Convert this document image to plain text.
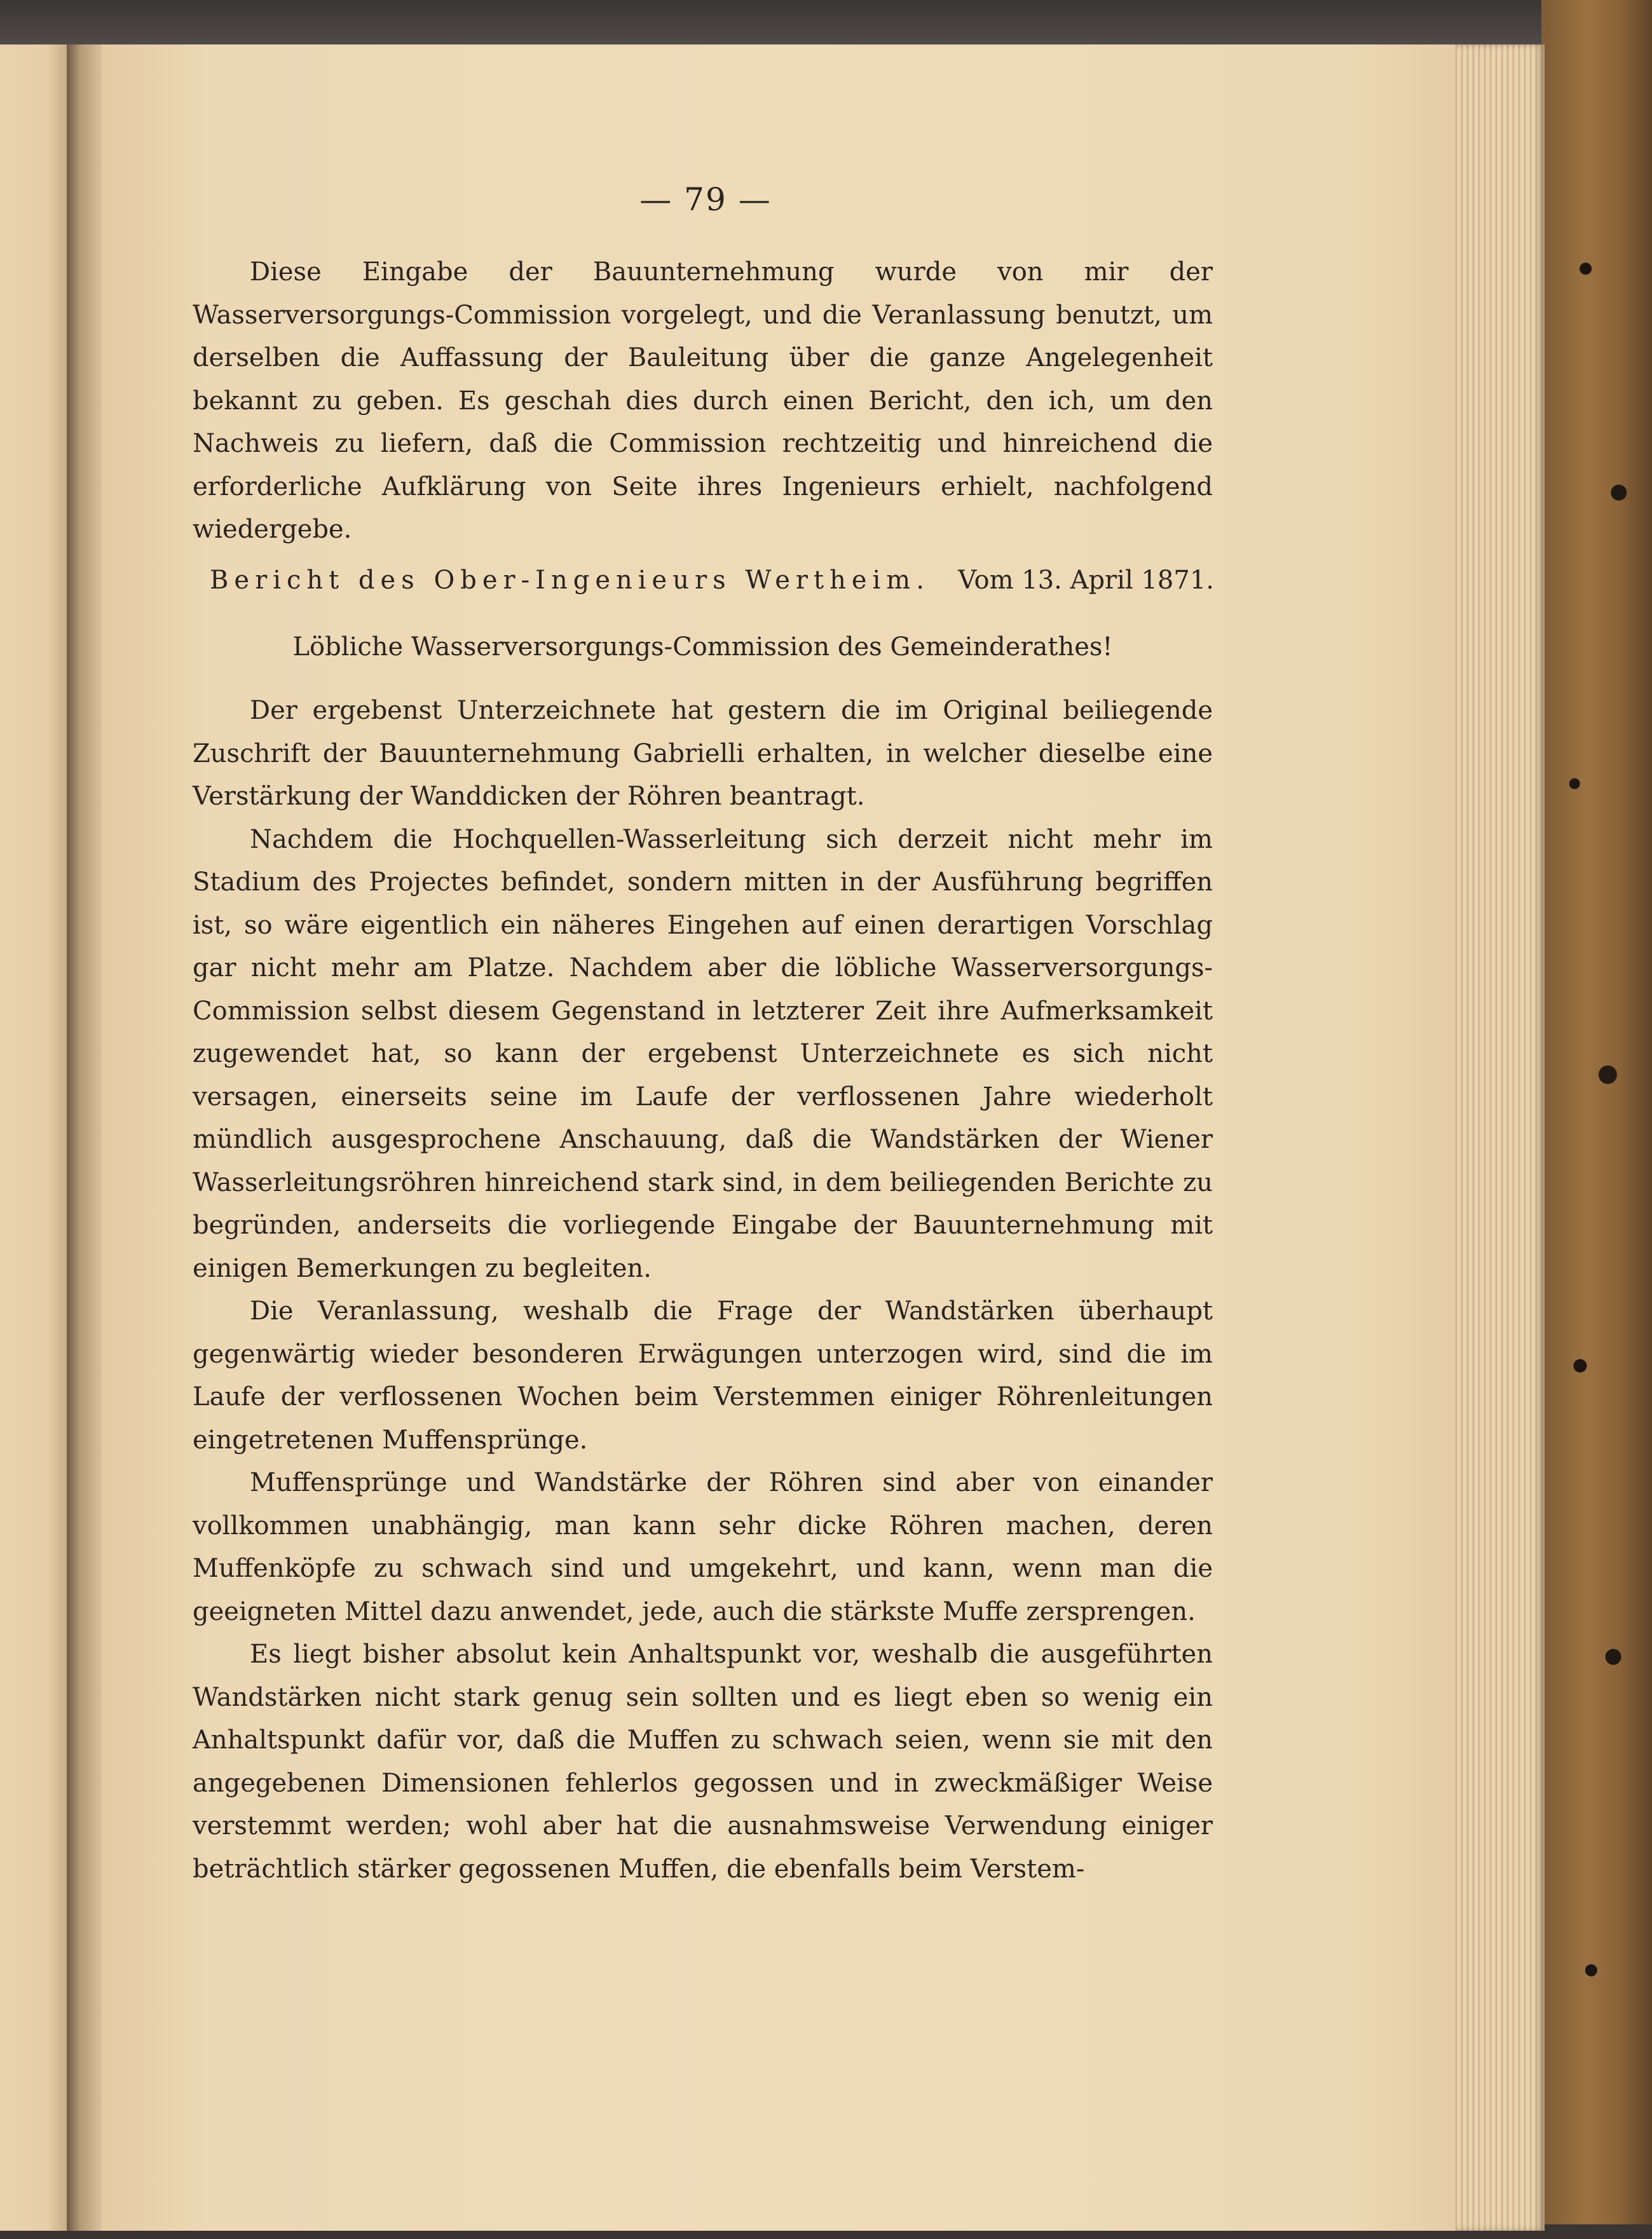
— 79 —

Diese Eingabe der Bauunternehmung wurde von mir der Wasserversorgungs-Commission vorgelegt, und die Veranlassung benutzt, um derselben die Auffassung der Bauleitung über die ganze Angelegenheit bekannt zu geben. Es geschah dies durch einen Bericht, den ich, um den Nachweis zu liefern, daß die Commission rechtzeitig und hinreichend die erforderliche Aufklärung von Seite ihres Ingenieurs erhielt, nachfolgend wiedergebe.

Bericht des Ober-Ingenieurs Wertheim. Vom 13. April 1871.
Löbliche Wasserversorgungs-Commission des Gemeinderathes!

Der ergebenst Unterzeichnete hat gestern die im Original beiliegende Zuschrift der Bauunternehmung Gabrielli erhalten, in welcher dieselbe eine Verstärkung der Wanddicken der Röhren beantragt.

Nachdem die Hochquellen-Wasserleitung sich derzeit nicht mehr im Stadium des Projectes befindet, sondern mitten in der Ausführung begriffen ist, so wäre eigentlich ein näheres Eingehen auf einen derartigen Vorschlag gar nicht mehr am Platze. Nachdem aber die löbliche Wasserversorgungs-Commission selbst diesem Gegenstand in letzterer Zeit ihre Aufmerksamkeit zugewendet hat, so kann der ergebenst Unterzeichnete es sich nicht versagen, einerseits seine im Laufe der verflossenen Jahre wiederholt mündlich ausgesprochene Anschauung, daß die Wandstärken der Wiener Wasserleitungsröhren hinreichend stark sind, in dem beiliegenden Berichte zu begründen, anderseits die vorliegende Eingabe der Bauunternehmung mit einigen Bemerkungen zu begleiten.

Die Veranlassung, weshalb die Frage der Wandstärken überhaupt gegenwärtig wieder besonderen Erwägungen unterzogen wird, sind die im Laufe der verflossenen Wochen beim Verstemmen einiger Röhrenleitungen eingetretenen Muffensprünge.

Muffensprünge und Wandstärke der Röhren sind aber von einander vollkommen unabhängig, man kann sehr dicke Röhren machen, deren Muffenköpfe zu schwach sind und umgekehrt, und kann, wenn man die geeigneten Mittel dazu anwendet, jede, auch die stärkste Muffe zersprengen.

Es liegt bisher absolut kein Anhaltspunkt vor, weshalb die ausgeführten Wandstärken nicht stark genug sein sollten und es liegt eben so wenig ein Anhaltspunkt dafür vor, daß die Muffen zu schwach seien, wenn sie mit den angegebenen Dimensionen fehlerlos gegossen und in zweckmäßiger Weise verstemmt werden; wohl aber hat die ausnahmsweise Verwendung einiger beträchtlich stärker gegossenen Muffen, die ebenfalls beim Verstem-
